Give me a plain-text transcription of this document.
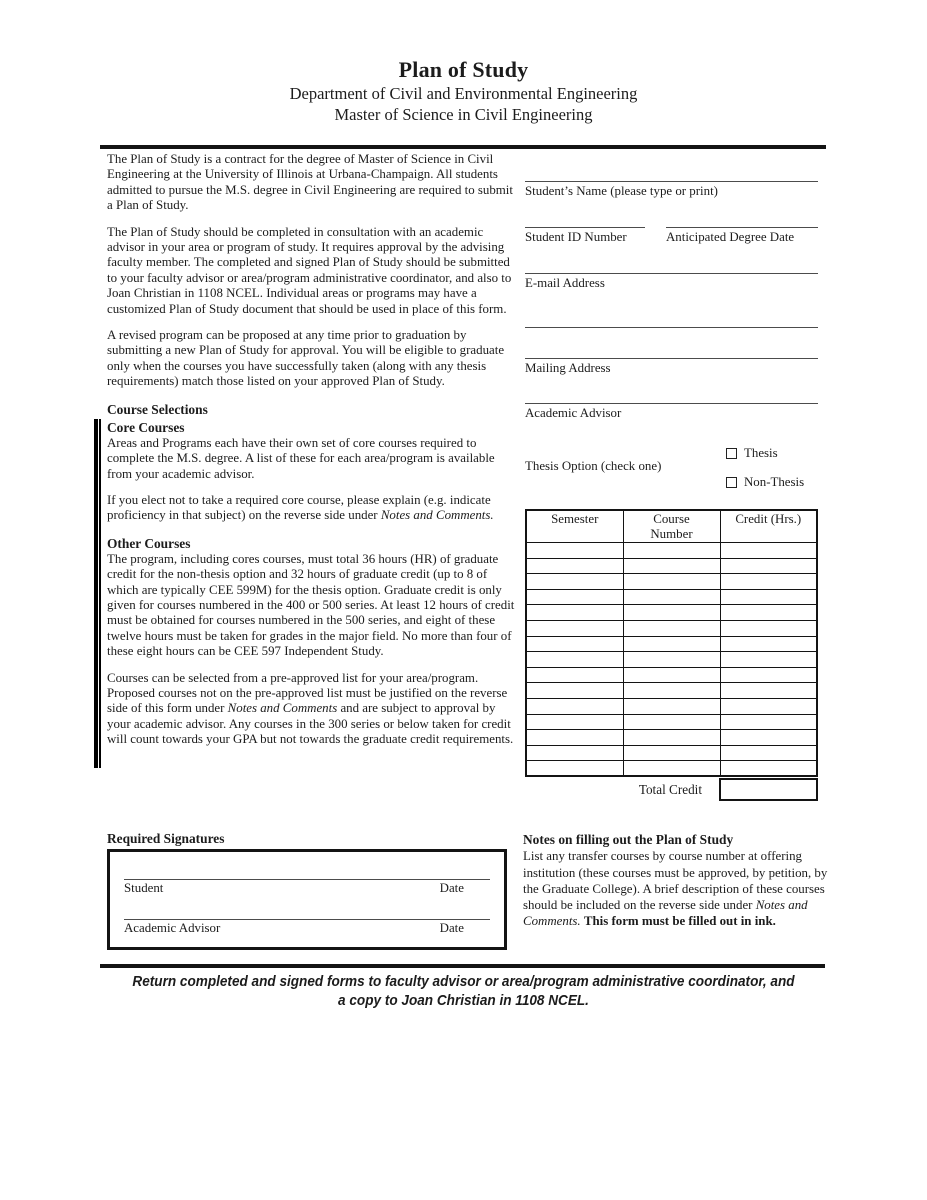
Plan of Study
Department of Civil and Environmental Engineering
Master of Science in Civil Engineering

The Plan of Study is a contract for the degree of Master of Science in Civil Engineering at the University of Illinois at Urbana-Champaign. All students admitted to pursue the M.S. degree in Civil Engineering are required to submit a Plan of Study.

The Plan of Study should be completed in consultation with an academic advisor in your area or program of study. It requires approval by the advising faculty member. The completed and signed Plan of Study should be submitted to your faculty advisor or area/program administrative coordinator, and also to Joan Christian in 1108 NCEL. Individual areas or programs may have a customized Plan of Study document that should be used in place of this form.

A revised program can be proposed at any time prior to graduation by submitting a new Plan of Study for approval. You will be eligible to graduate only when the courses you have successfully taken (along with any thesis requirements) match those listed on your approved Plan of Study.

Course Selections
Core Courses

Areas and Programs each have their own set of core courses required to complete the M.S. degree. A list of these for each area/program is available from your academic advisor.

If you elect not to take a required core course, please explain (e.g. indicate proficiency in that subject) on the reverse side under Notes and Comments.

Other Courses

The program, including cores courses, must total 36 hours (HR) of graduate credit for the non-thesis option and 32 hours of graduate credit (up to 8 of which are typically CEE 599M) for the thesis option. Graduate credit is only given for courses numbered in the 400 or 500 series. At least 12 hours of credit must be obtained for courses numbered in the 500 series, and eight of these twelve hours must be taken for grades in the major field. No more than four of these eight hours can be CEE 597 Independent Study.

Courses can be selected from a pre-approved list for your area/program. Proposed courses not on the pre-approved list must be justified on the reverse side of this form under Notes and Comments and are subject to approval by your academic advisor. Any courses in the 300 series or below taken for credit will count towards your GPA but not towards the graduate credit requirements.

Student’s Name (please type or print)
Student ID Number	Anticipated Degree Date
E-mail Address
Mailing Address
Academic Advisor
Thesis Option (check one)
Thesis
Non-Thesis
Semester	Course Number	Credit (Hrs.)

Total Credit
Required Signatures
Student	Date
Academic Advisor	Date
Notes on filling out the Plan of Study
List any transfer courses by course number at offering institution (these courses must be approved, by petition, by the Graduate College). A brief description of these courses should be included on the reverse side under Notes and Comments. This form must be filled out in ink.
Return completed and signed forms to faculty advisor or area/program administrative coordinator, and
a copy to Joan Christian in 1108 NCEL.
